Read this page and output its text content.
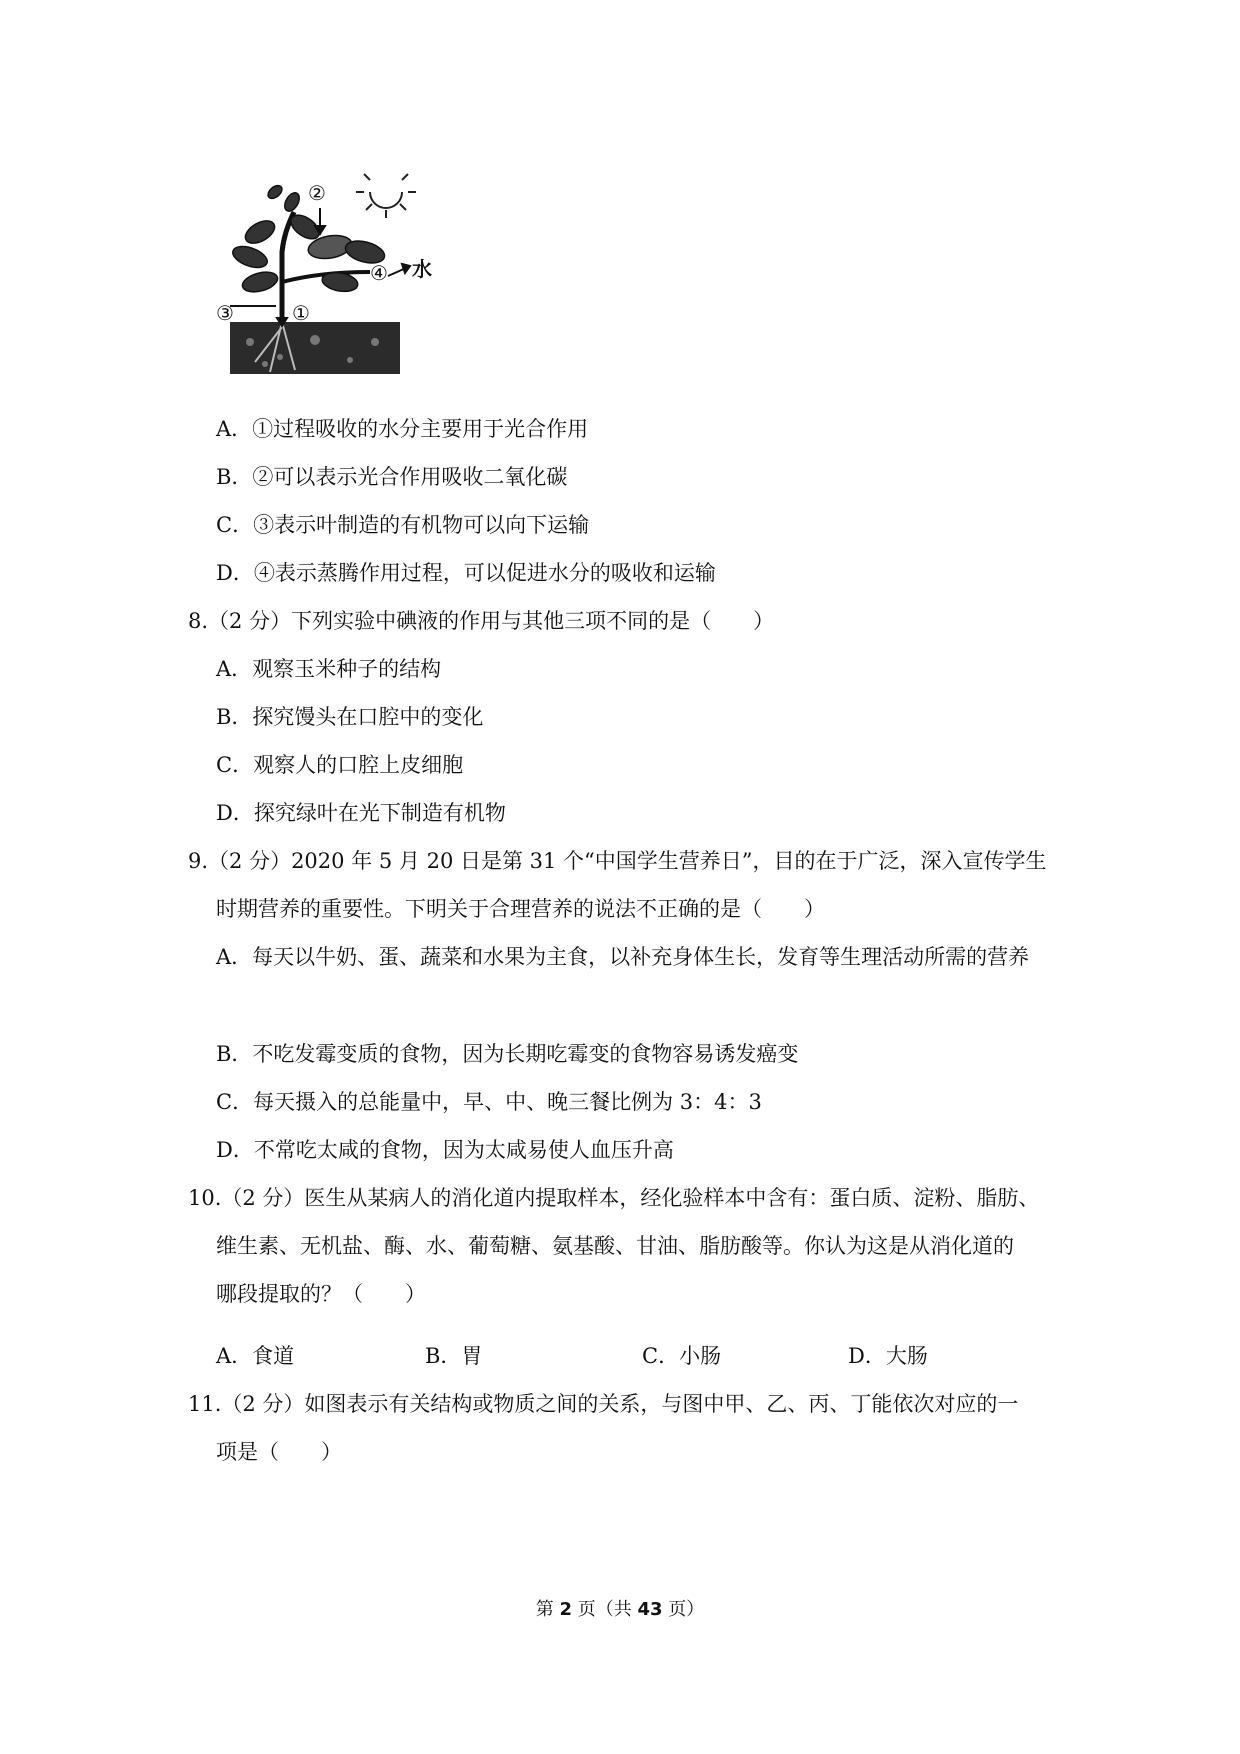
②
①
③
④ 水
A．①过程吸收的水分主要用于光合作用
B．②可以表示光合作用吸收二氧化碳
C．③表示叶制造的有机物可以向下运输
D．④表示蒸腾作用过程，可以促进水分的吸收和运输
8.（2 分）下列实验中碘液的作用与其他三项不同的是（　　）
A．观察玉米种子的结构
B．探究馒头在口腔中的变化
C．观察人的口腔上皮细胞
D．探究绿叶在光下制造有机物
9.（2 分）2020 年 5 月 20 日是第 31 个“中国学生营养日”，目的在于广泛，深入宣传学生
时期营养的重要性。下明关于合理营养的说法不正确的是（　　）
A．每天以牛奶、蛋、蔬菜和水果为主食，以补充身体生长，发育等生理活动所需的营养
B．不吃发霉变质的食物，因为长期吃霉变的食物容易诱发癌变
C．每天摄入的总能量中，早、中、晚三餐比例为 3：4：3
D．不常吃太咸的食物，因为太咸易使人血压升高
10.（2 分）医生从某病人的消化道内提取样本，经化验样本中含有：蛋白质、淀粉、脂肪、
维生素、无机盐、酶、水、葡萄糖、氨基酸、甘油、脂肪酸等。你认为这是从消化道的
哪段提取的？（　　）
A．食道	B．胃	C．小肠	D．大肠
11.（2 分）如图表示有关结构或物质之间的关系，与图中甲、乙、丙、丁能依次对应的一
项是（　　）
第 2 页（共 43 页）
